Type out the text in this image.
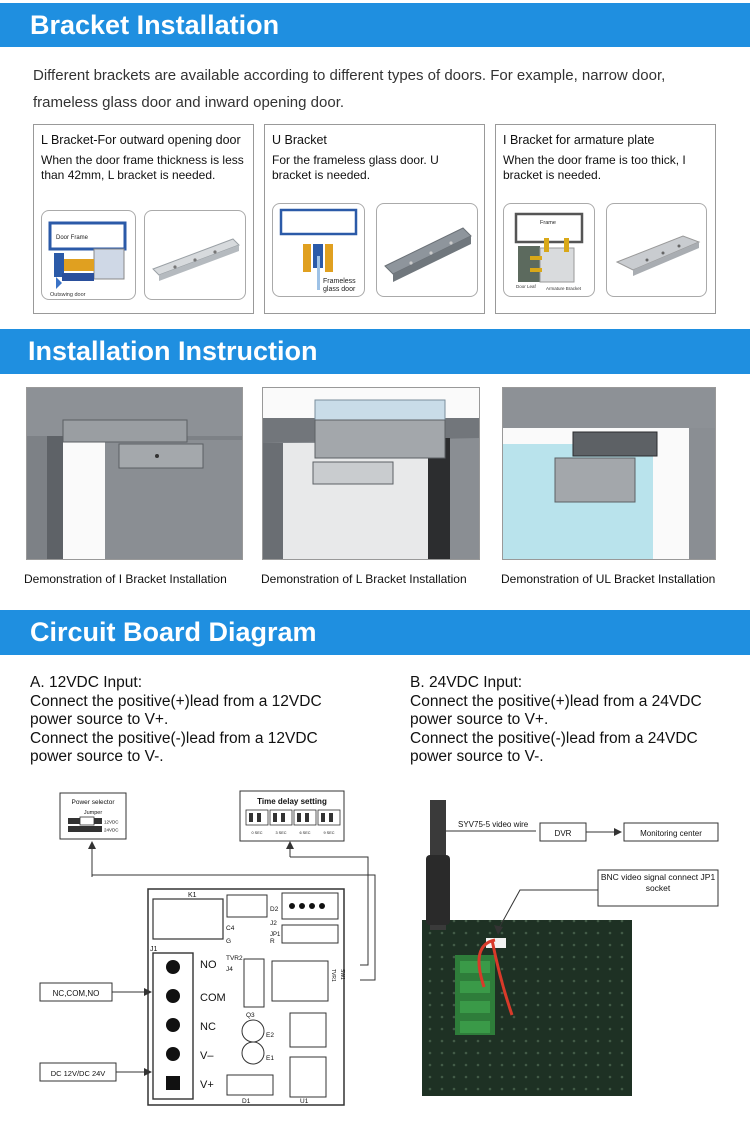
Bracket Installation
Different brackets are available according to different types of doors. For example, narrow door, frameless glass door and inward opening door.
L Bracket-For outward opening door
When the door frame thickness is less than 42mm, L bracket is needed.
Door Frame
Outswing door
U Bracket
For the frameless glass door. U bracket is needed.
Frameless
glass door
I Bracket for armature plate
When the door frame is too thick, I bracket is needed.
Frame
Door Leaf Armature Bracket
Installation Instruction
Demonstration of I Bracket Installation	Demonstration of L Bracket Installation	Demonstration of UL Bracket Installation
Circuit Board Diagram
A. 12VDC Input:
Connect the positive(+)lead from a 12VDC
power source to V+.
Connect the positive(-)lead from a 12VDC
power source to V-.
B. 24VDC Input:
Connect the positive(+)lead from a 24VDC
power source to V+.
Connect the positive(-)lead from a 24VDC
power source to V-.
Power selector
Jumper
12VDC
24VDC
Time delay setting
0 SEC	3 SEC	6 SEC	9 SEC
K1
J1
NO
COM
NC
V–
V+
D2
J2
C4
JP1
G	R
TVR2
J4	TVR1 SW1
Q3
E2
E1
D1	U1
NC,COM,NO
DC 12V/DC 24V
SYV75-5 video wire
DVR	Monitoring center
BNC video signal connect JP1 socket
